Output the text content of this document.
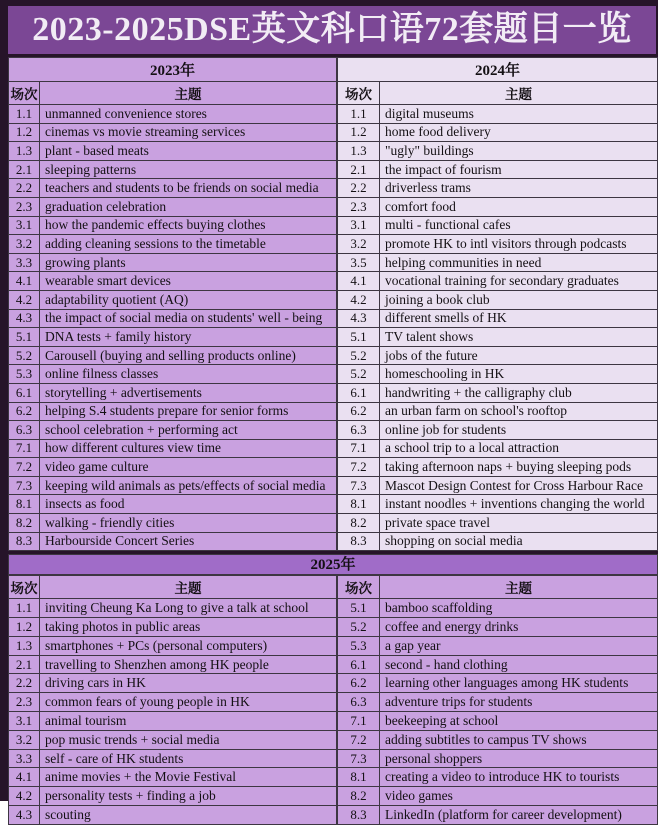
2023-2025DSE英文科口语72套题目一览
2023年	
场次	主题
1.1	unmanned convenience stores
1.2	cinemas vs movie streaming services
1.3	plant - based meats
2.1	sleeping patterns
2.2	teachers and students to be friends on social media
2.3	graduation celebration
3.1	how the pandemic effects buying clothes
3.2	adding cleaning sessions to the timetable
3.3	growing plants
4.1	wearable smart devices
4.2	adaptability quotient (AQ)
4.3	the impact of social media on students' well - being
5.1	DNA tests + family history
5.2	Carousell (buying and selling products online)
5.3	online filness classes
6.1	storytelling + advertisements
6.2	helping S.4 students prepare for senior forms
6.3	school celebration + performing act
7.1	how different cultures view time
7.2	video game culture
7.3	keeping wild animals as pets/effects of social media
8.1	insects as food
8.2	walking - friendly cities
8.3	Harbourside Concert Series
2024年	
场次	主题
1.1	digital museums
1.2	home food delivery
1.3	"ugly" buildings
2.1	the impact of fourism
2.2	driverless trams
2.3	comfort food
3.1	multi - functional cafes
3.2	promote HK to intl visitors through podcasts
3.5	helping communities in need
4.1	vocational training for secondary graduates
4.2	joining a book club
4.3	different smells of HK
5.1	TV talent shows
5.2	jobs of the future
5.2	homeschooling in HK
6.1	handwriting + the calligraphy club
6.2	an urban farm on school's rooftop
6.3	online job for students
7.1	a school trip to a local attraction
7.2	taking afternoon naps + buying sleeping pods
7.3	Mascot Design Contest for Cross Harbour Race
8.1	instant noodles + inventions changing the world
8.2	private space travel
8.3	shopping on social media
2025年
场次	主题
1.1	inviting Cheung Ka Long to give a talk at school
1.2	taking photos in public areas
1.3	smartphones + PCs (personal computers)
2.1	travelling to Shenzhen among HK people
2.2	driving cars in HK
2.3	common fears of young people in HK
3.1	animal tourism
3.2	pop music trends + social media
3.3	self - care of HK students
4.1	anime movies + the Movie Festival
4.2	personality tests + finding a job
4.3	scouting
场次	主题
5.1	bamboo scaffolding
5.2	coffee and energy drinks
5.3	a gap year
6.1	second - hand clothing
6.2	learning other languages among HK students
6.3	adventure trips for students
7.1	beekeeping at school
7.2	adding subtitles to campus TV shows
7.3	personal shoppers
8.1	creating a video to introduce HK to tourists
8.2	video games
8.3	LinkedIn (platform for career development)
